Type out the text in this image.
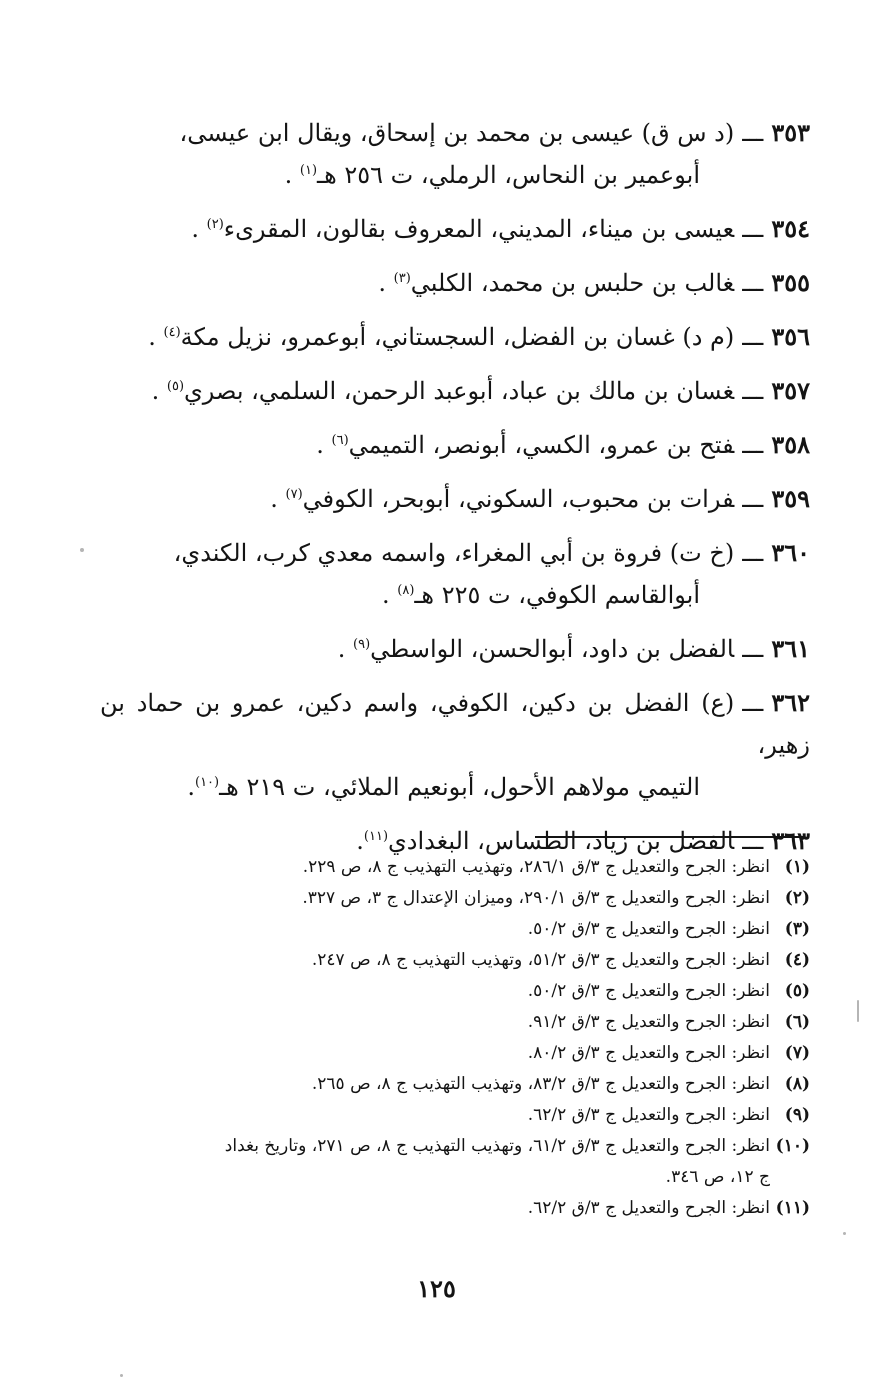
٣٥٣ـــ(د س ق) عيسى بن محمد بن إسحاق، ويقال ابن عيسى،
أبوعمير بن النحاس، الرملي، ت ٢٥٦ هـ$^{(١)}$ .
٣٥٤ـــعيسى بن ميناء، المديني، المعروف بقالون، المقرىء$^{(٢)}$ .
٣٥٥ـــغالب بن حلبس بن محمد، الكلبي$^{(٣)}$ .
٣٥٦ـــ(م د) غسان بن الفضل، السجستاني، أبوعمرو، نزيل مكة$^{(٤)}$ .
٣٥٧ـــغسان بن مالك بن عباد، أبوعبد الرحمن، السلمي، بصري$^{(٥)}$ .
٣٥٨ـــفتح بن عمرو، الكسي، أبونصر، التميمي$^{(٦)}$ .
٣٥٩ـــفرات بن محبوب، السكوني، أبوبحر، الكوفي$^{(٧)}$ .
٣٦٠ـــ(خ ت) فروة بن أبي المغراء، واسمه معدي كرب، الكندي،
أبوالقاسم الكوفي، ت ٢٢٥ هـ$^{(٨)}$ .
٣٦١ـــالفضل بن داود، أبوالحسن، الواسطي$^{(٩)}$ .
٣٦٢ـــ(ع) الفضل بن دكين، الكوفي، واسم دكين، عمرو بن حماد بن زهير،
التيمي مولاهم الأحول، أبونعيم الملائي، ت ٢١٩ هـ$^{(١٠)}$.
٣٦٣ـــالفضل بن زياد، الطساس، البغدادي$^{(١١)}$.
(١)انظر: الجرح والتعديل ج ٣/ق ٢٨٦/١، وتهذيب التهذيب ج ٨، ص ٢٢٩.
(٢)انظر: الجرح والتعديل ج ٣/ق ٢٩٠/١، وميزان الإعتدال ج ٣، ص ٣٢٧.
(٣)انظر: الجرح والتعديل ج ٣/ق ٥٠/٢.
(٤)انظر: الجرح والتعديل ج ٣/ق ٥١/٢، وتهذيب التهذيب ج ٨، ص ٢٤٧.
(٥)انظر: الجرح والتعديل ج ٣/ق ٥٠/٢.
(٦)انظر: الجرح والتعديل ج ٣/ق ٩١/٢.
(٧)انظر: الجرح والتعديل ج ٣/ق ٨٠/٢.
(٨)انظر: الجرح والتعديل ج ٣/ق ٨٣/٢، وتهذيب التهذيب ج ٨، ص ٢٦٥.
(٩)انظر: الجرح والتعديل ج ٣/ق ٦٢/٢.
(١٠)انظر: الجرح والتعديل ج ٣/ق ٦١/٢، وتهذيب التهذيب ج ٨، ص ٢٧١، وتاريخ بغداد
ج ١٢، ص ٣٤٦.
(١١)انظر: الجرح والتعديل ج ٣/ق ٦٢/٢.
١٢٥
